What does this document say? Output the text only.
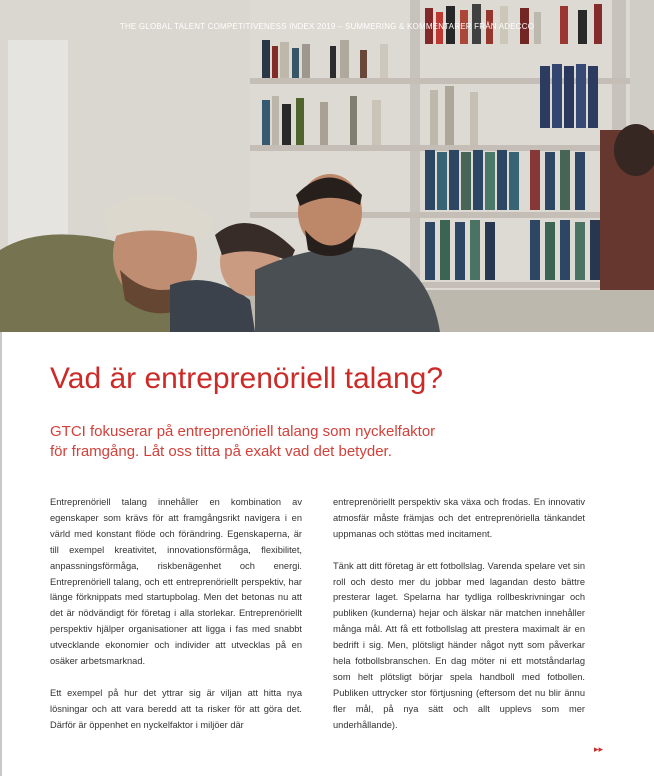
THE GLOBAL TALENT COMPETITIVENESS INDEX 2019 – SUMMERING & KOMMENTARER FRÅN ADECCO
Vad är entreprenöriell talang?
GTCI fokuserar på entreprenöriell talang som nyckelfaktor
för framgång. Låt oss titta på exakt vad det betyder.

Entreprenöriell talang innehåller en kombination av egenskaper som krävs för att framgångsrikt navigera i en värld med konstant flöde och förändring. Egenskaperna, är till exempel kreativitet, innovationsförmåga, flexibilitet, anpassningsförmåga, riskbenägenhet och energi. Entreprenöriell talang, och ett entreprenöriellt perspektiv, har länge förknippats med startupbolag. Men det betonas nu att det är nödvändigt för företag i alla storlekar. Entreprenöriellt perspektiv hjälper organisationer att ligga i fas med snabbt utvecklande ekonomier och individer att utvecklas på en osäker arbetsmarknad.

Ett exempel på hur det yttrar sig är viljan att hitta nya lösningar och att vara beredd att ta risker för att göra det. Därför är öppenhet en nyckelfaktor i miljöer där

entreprenöriellt perspektiv ska växa och frodas. En innovativ atmosfär måste främjas och det entreprenöriella tänkandet uppmanas och stöttas med incitament.

Tänk att ditt företag är ett fotbollslag. Varenda spelare vet sin roll och desto mer du jobbar med lagandan desto bättre presterar laget. Spelarna har tydliga rollbeskrivningar och publiken (kunderna) hejar och älskar när matchen innehåller många mål. Att få ett fotbollslag att prestera maximalt är en bedrift i sig. Men, plötsligt händer något nytt som påverkar hela fotbollsbranschen. En dag möter ni ett motståndarlag som helt plötsligt börjar spela handboll med fotbollen. Publiken uttrycker stor förtjusning (eftersom det nu blir ännu fler mål, på nya sätt och allt upplevs som mer underhållande).

▸▸
